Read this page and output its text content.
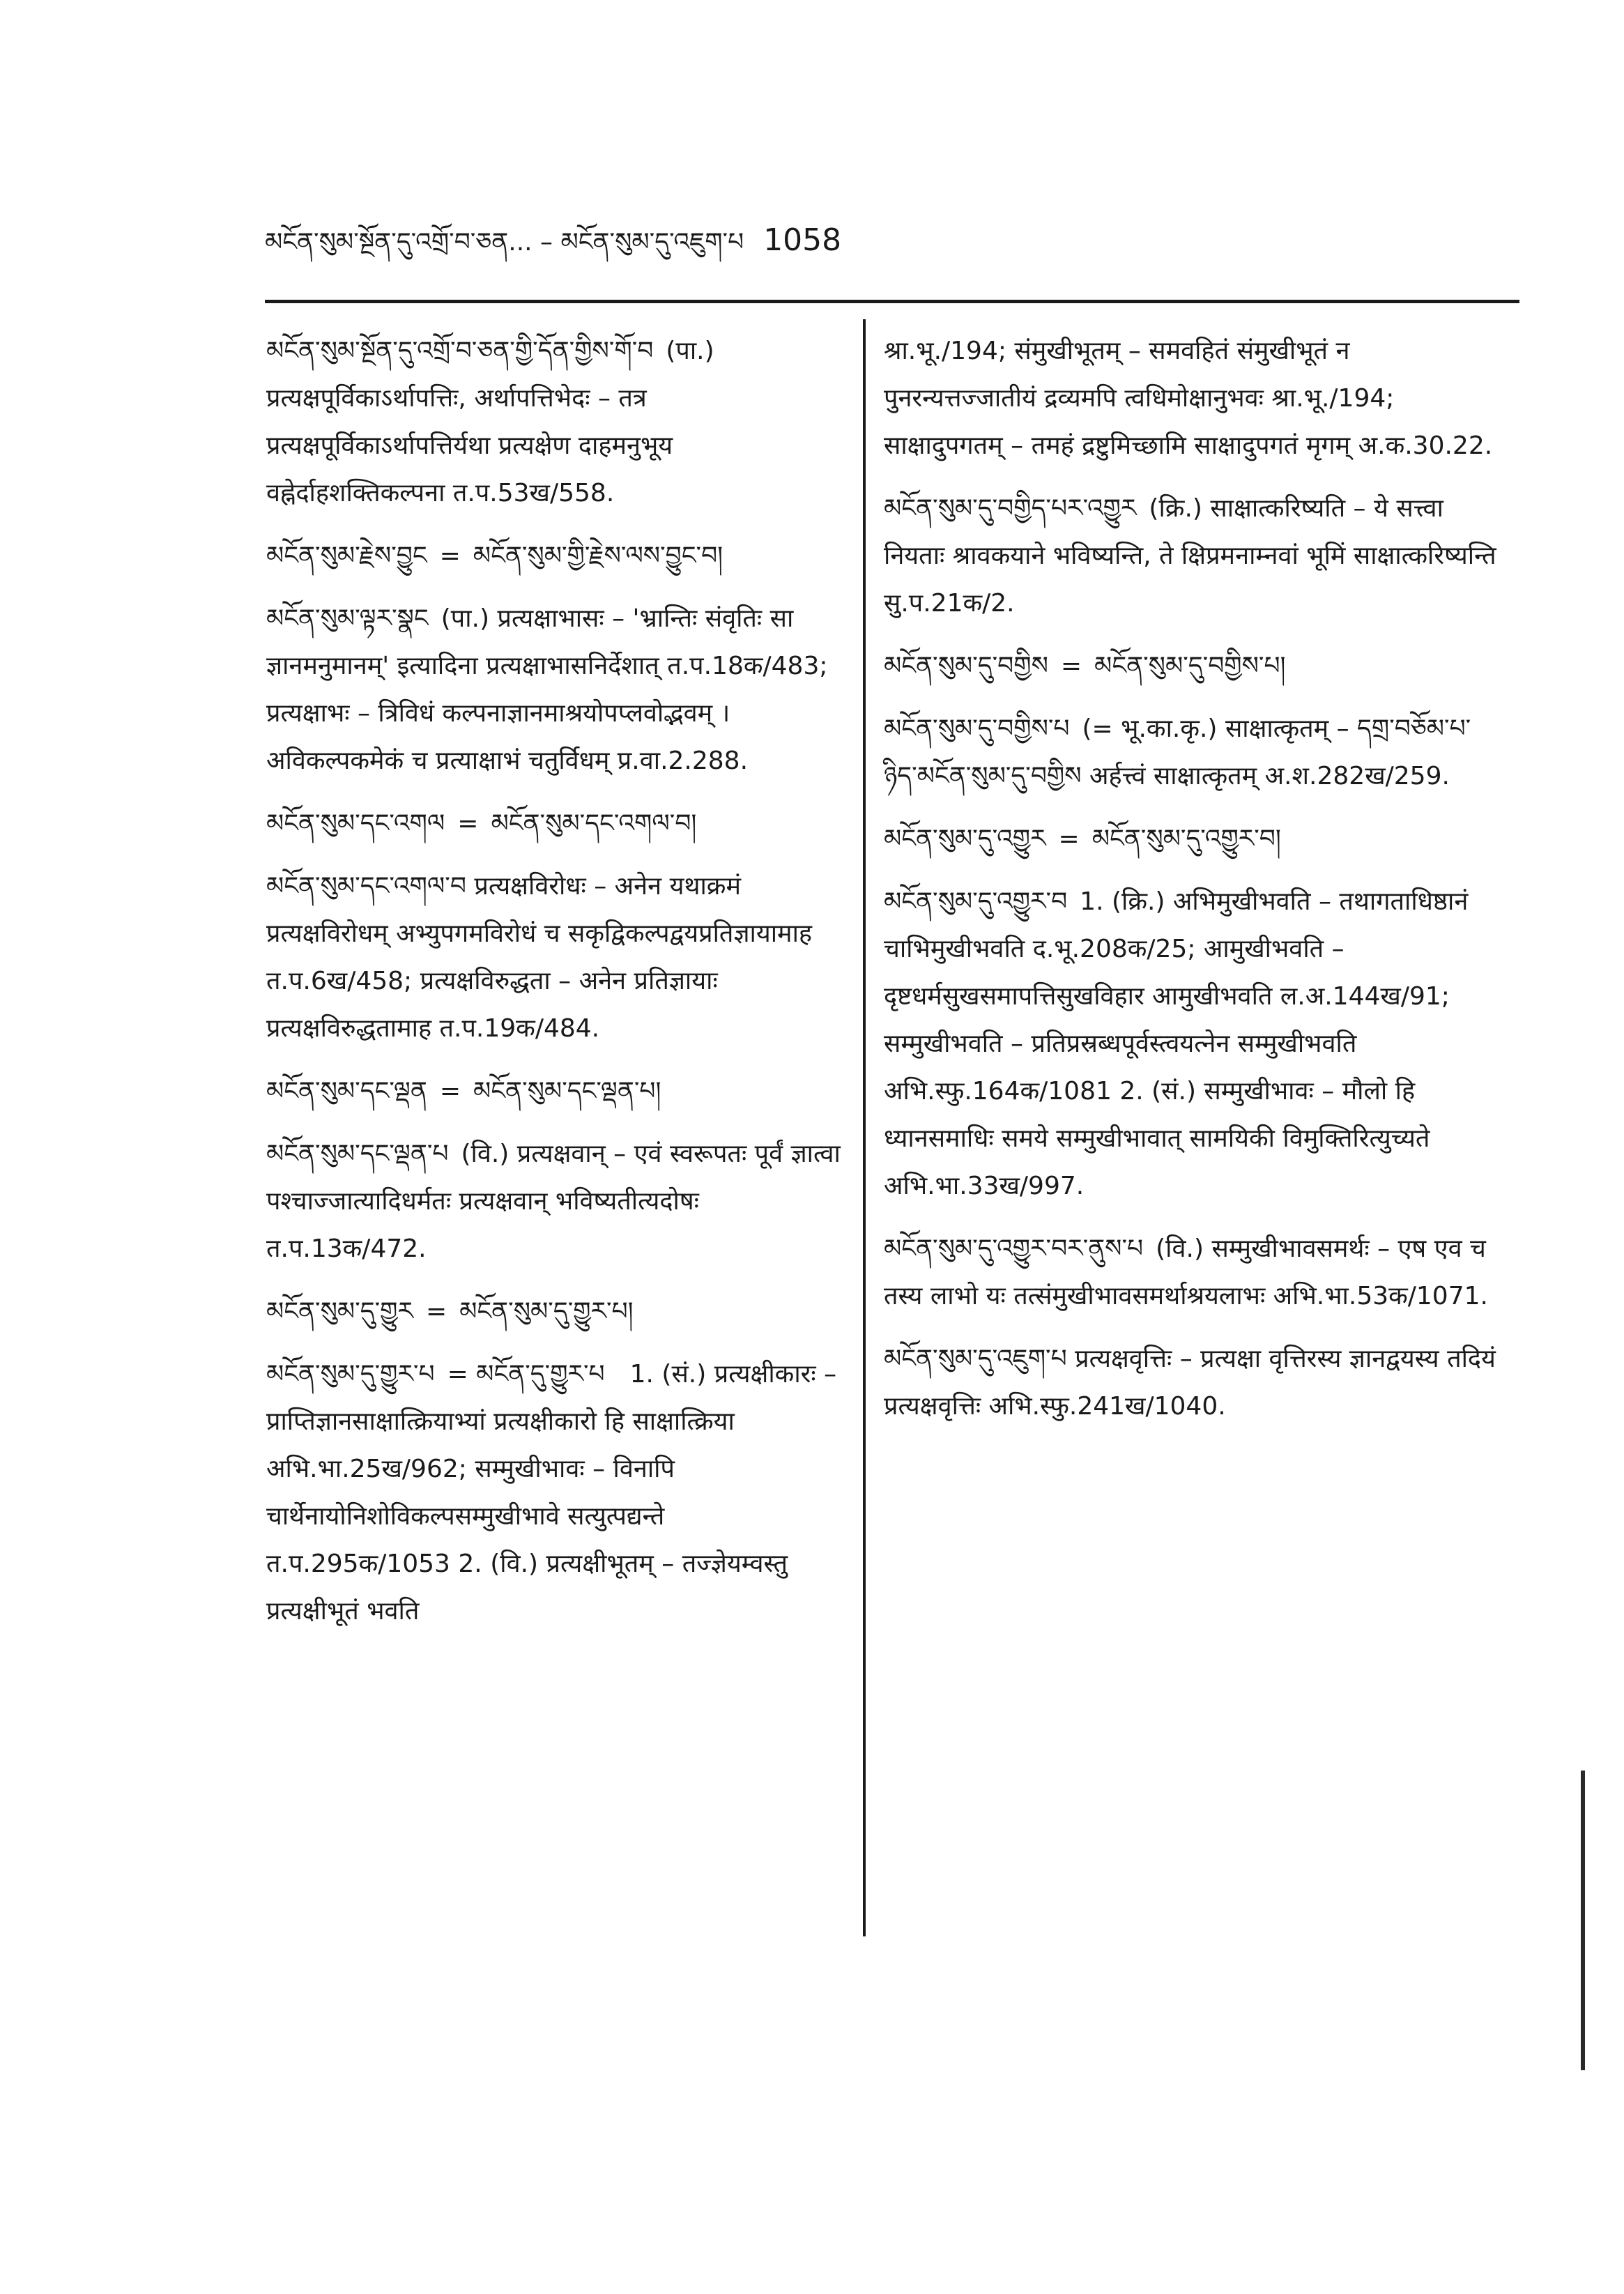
མངོན་སུམ་སྔོན་དུ་འགྲོ་བ་ཅན... – མངོན་སུམ་དུ་འཇུག་པ 1058

མངོན་སུམ་སྔོན་དུ་འགྲོ་བ་ཅན་གྱི་དོན་གྱིས་གོ་བ (पा.) प्रत्यक्षपूर्विकाऽर्थापत्तिः, अर्थापत्तिभेदः – तत्र प्रत्यक्षपूर्विकाऽर्थापत्तिर्यथा प्रत्यक्षेण दाहमनुभूय वह्नेर्दाहशक्तिकल्पना त.प.53ख/558.

མངོན་སུམ་རྗེས་བྱུང = མངོན་སུམ་གྱི་རྗེས་ལས་བྱུང་བ།

མངོན་སུམ་ལྟར་སྣང (पा.) प्रत्यक्षाभासः – 'भ्रान्तिः संवृतिः सा ज्ञानमनुमानम्' इत्यादिना प्रत्यक्षाभासनिर्देशात् त.प.18क/483; प्रत्यक्षाभः – त्रिविधं कल्पनाज्ञानमाश्रयोपप्लवोद्भवम् । अविकल्पकमेकं च प्रत्याक्षाभं चतुर्विधम् प्र.वा.2.288.

མངོན་སུམ་དང་འགལ = མངོན་སུམ་དང་འགལ་བ།

མངོན་སུམ་དང་འགལ་བ प्रत्यक्षविरोधः – अनेन यथाक्रमं प्रत्यक्षविरोधम् अभ्युपगमविरोधं च सकृद्विकल्पद्वयप्रतिज्ञायामाह त.प.6ख/458; प्रत्यक्षविरुद्धता – अनेन प्रतिज्ञायाः प्रत्यक्षविरुद्धतामाह त.प.19क/484.

མངོན་སུམ་དང་ལྡན = མངོན་སུམ་དང་ལྡན་པ།

མངོན་སུམ་དང་ལྡན་པ (वि.) प्रत्यक्षवान् – एवं स्वरूपतः पूर्वं ज्ञात्वा पश्चाज्जात्यादिधर्मतः प्रत्यक्षवान् भविष्यतीत्यदोषः त.प.13क/472.

མངོན་སུམ་དུ་གྱུར = མངོན་སུམ་དུ་གྱུར་པ།

མངོན་སུམ་དུ་གྱུར་པ = མངོན་དུ་གྱུར་པ 1. (सं.) प्रत्यक्षीकारः – प्राप्तिज्ञानसाक्षात्क्रियाभ्यां प्रत्यक्षीकारो हि साक्षात्क्रिया अभि.भा.25ख/962; सम्मुखीभावः – विनापि चार्थेनायोनिशोविकल्पसम्मुखीभावे सत्युत्पद्यन्ते त.प.295क/1053 2. (वि.) प्रत्यक्षीभूतम् – तज्ज्ञेयम्वस्तु प्रत्यक्षीभूतं भवति

श्रा.भू./194; संमुखीभूतम् – समवहितं संमुखीभूतं न पुनरन्यत्तज्जातीयं द्रव्यमपि त्वधिमोक्षानुभवः श्रा.भू./194; साक्षादुपगतम् – तमहं द्रष्टुमिच्छामि साक्षादुपगतं मृगम् अ.क.30.22.

མངོན་སུམ་དུ་བགྱིད་པར་འགྱུར (क्रि.) साक्षात्करिष्यति – ये सत्त्वा नियताः श्रावकयाने भविष्यन्ति, ते क्षिप्रमनाम्नवां भूमिं साक्षात्करिष्यन्ति सु.प.21क/2.

མངོན་སུམ་དུ་བགྱིས = མངོན་སུམ་དུ་བགྱིས་པ།

མངོན་སུམ་དུ་བགྱིས་པ (= भू.का.कृ.) साक्षात्कृतम् – དགྲ་བཅོམ་པ་ཉིད་མངོན་སུམ་དུ་བགྱིས अर्हत्त्वं साक्षात्कृतम् अ.श.282ख/259.

མངོན་སུམ་དུ་འགྱུར = མངོན་སུམ་དུ་འགྱུར་བ།

མངོན་སུམ་དུ་འགྱུར་བ 1. (क्रि.) अभिमुखीभवति – तथागताधिष्ठानं चाभिमुखीभवति द.भू.208क/25; आमुखीभवति – दृष्टधर्मसुखसमापत्तिसुखविहार आमुखीभवति ल.अ.144ख/91; सम्मुखीभवति – प्रतिप्रस्रब्धपूर्वस्त्वयत्नेन सम्मुखीभवति अभि.स्फु.164क/1081 2. (सं.) सम्मुखीभावः – मौलो हि ध्यानसमाधिः समये सम्मुखीभावात् सामयिकी विमुक्तिरित्युच्यते अभि.भा.33ख/997.

མངོན་སུམ་དུ་འགྱུར་བར་ནུས་པ (वि.) सम्मुखीभावसमर्थः – एष एव च तस्य लाभो यः तत्संमुखीभावसमर्थाश्रयलाभः अभि.भा.53क/1071.

མངོན་སུམ་དུ་འཇུག་པ प्रत्यक्षवृत्तिः – प्रत्यक्षा वृत्तिरस्य ज्ञानद्वयस्य तदियं प्रत्यक्षवृत्तिः अभि.स्फु.241ख/1040.
